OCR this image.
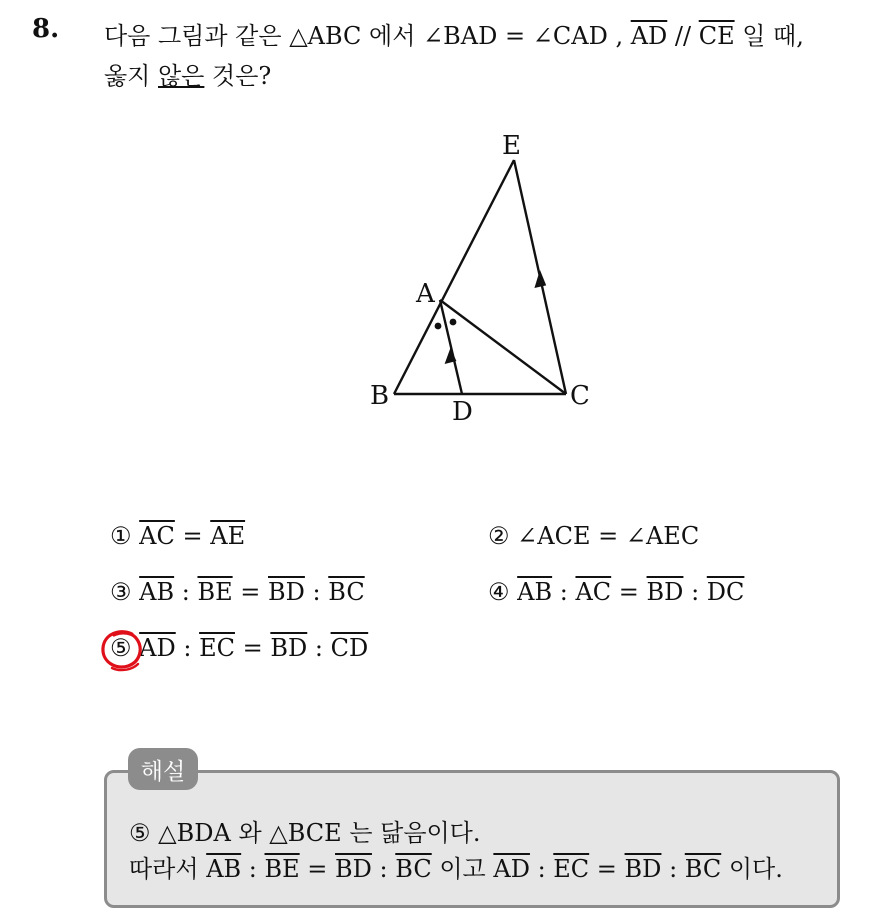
8. 다음 그림과 같은 △ABC 에서 ∠BAD = ∠CAD , $\overline{AD} // \overline{CE}$ 일 때,
옳지 않은 것은?
E
A
B	C
D
① $\overline{AC} = \overline{AE}$	② ∠ACE = ∠AEC
③ $\overline{AB}$ : $\overline{BE} = \overline{BD}$ : $\overline{BC}$	④ $\overline{AB}$ : $\overline{AC} = \overline{BD}$ : $\overline{DC}$
⑤ $\overline{AD}$ : $\overline{EC} = \overline{BD}$ : $\overline{CD}$
⑤ △BDA 와 △BCE 는 닮음이다.
따라서 $\overline{AB}$ : $\overline{BE} = \overline{BD}$ : $\overline{BC}$ 이고 $\overline{AD}$ : $\overline{EC} = \overline{BD}$ : $\overline{BC}$ 이다.
해설
